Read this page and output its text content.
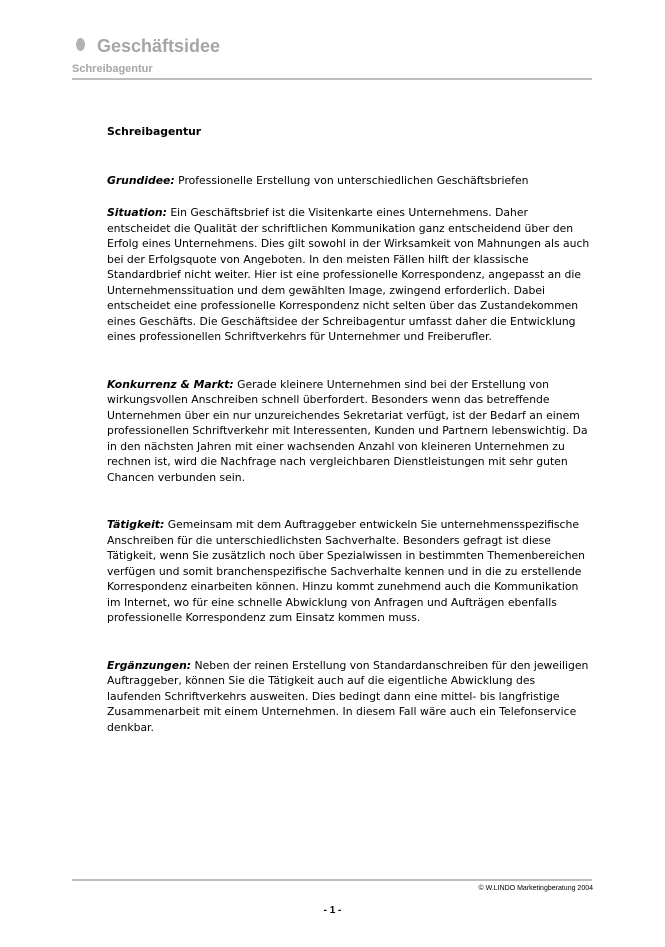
Geschäftsidee
Schreibagentur
Schreibagentur

Grundidee: Professionelle Erstellung von unterschiedlichen Geschäftsbriefen

Situation: Ein Geschäftsbrief ist die Visitenkarte eines Unternehmens. Daher entscheidet die Qualität der schriftlichen Kommunikation ganz entscheidend über den Erfolg eines Unternehmens. Dies gilt sowohl in der Wirksamkeit von Mahnungen als auch bei der Erfolgsquote von Angeboten. In den meisten Fällen hilft der klassische Standardbrief nicht weiter. Hier ist eine professionelle Korrespondenz, angepasst an die Unternehmenssituation und dem gewählten Image, zwingend erforderlich. Dabei entscheidet eine professionelle Korrespondenz nicht selten über das Zustandekommen eines Geschäfts. Die Geschäftsidee der Schreibagentur umfasst daher die Entwicklung eines professionellen Schriftverkehrs für Unternehmer und Freiberufler.

Konkurrenz & Markt: Gerade kleinere Unternehmen sind bei der Erstellung von wirkungsvollen Anschreiben schnell überfordert. Besonders wenn das betreffende Unternehmen über ein nur unzureichendes Sekretariat verfügt, ist der Bedarf an einem professionellen Schriftverkehr mit Interessenten, Kunden und Partnern lebenswichtig. Da in den nächsten Jahren mit einer wachsenden Anzahl von kleineren Unternehmen zu rechnen ist, wird die Nachfrage nach vergleichbaren Dienstleistungen mit sehr guten Chancen verbunden sein.

Tätigkeit: Gemeinsam mit dem Auftraggeber entwickeln Sie unternehmensspezifische Anschreiben für die unterschiedlichsten Sachverhalte. Besonders gefragt ist diese Tätigkeit, wenn Sie zusätzlich noch über Spezialwissen in bestimmten Themenbereichen verfügen und somit branchenspezifische Sachverhalte kennen und in die zu erstellende Korrespondenz einarbeiten können. Hinzu kommt zunehmend auch die Kommunikation im Internet, wo für eine schnelle Abwicklung von Anfragen und Aufträgen ebenfalls professionelle Korrespondenz zum Einsatz kommen muss.

Ergänzungen: Neben der reinen Erstellung von Standardanschreiben für den jeweiligen Auftraggeber, können Sie die Tätigkeit auch auf die eigentliche Abwicklung des laufenden Schriftverkehrs ausweiten. Dies bedingt dann eine mittel- bis langfristige Zusammenarbeit mit einem Unternehmen. In diesem Fall wäre auch ein Telefonservice denkbar.

© W.LINDO Marketingberatung 2004
- 1 -
